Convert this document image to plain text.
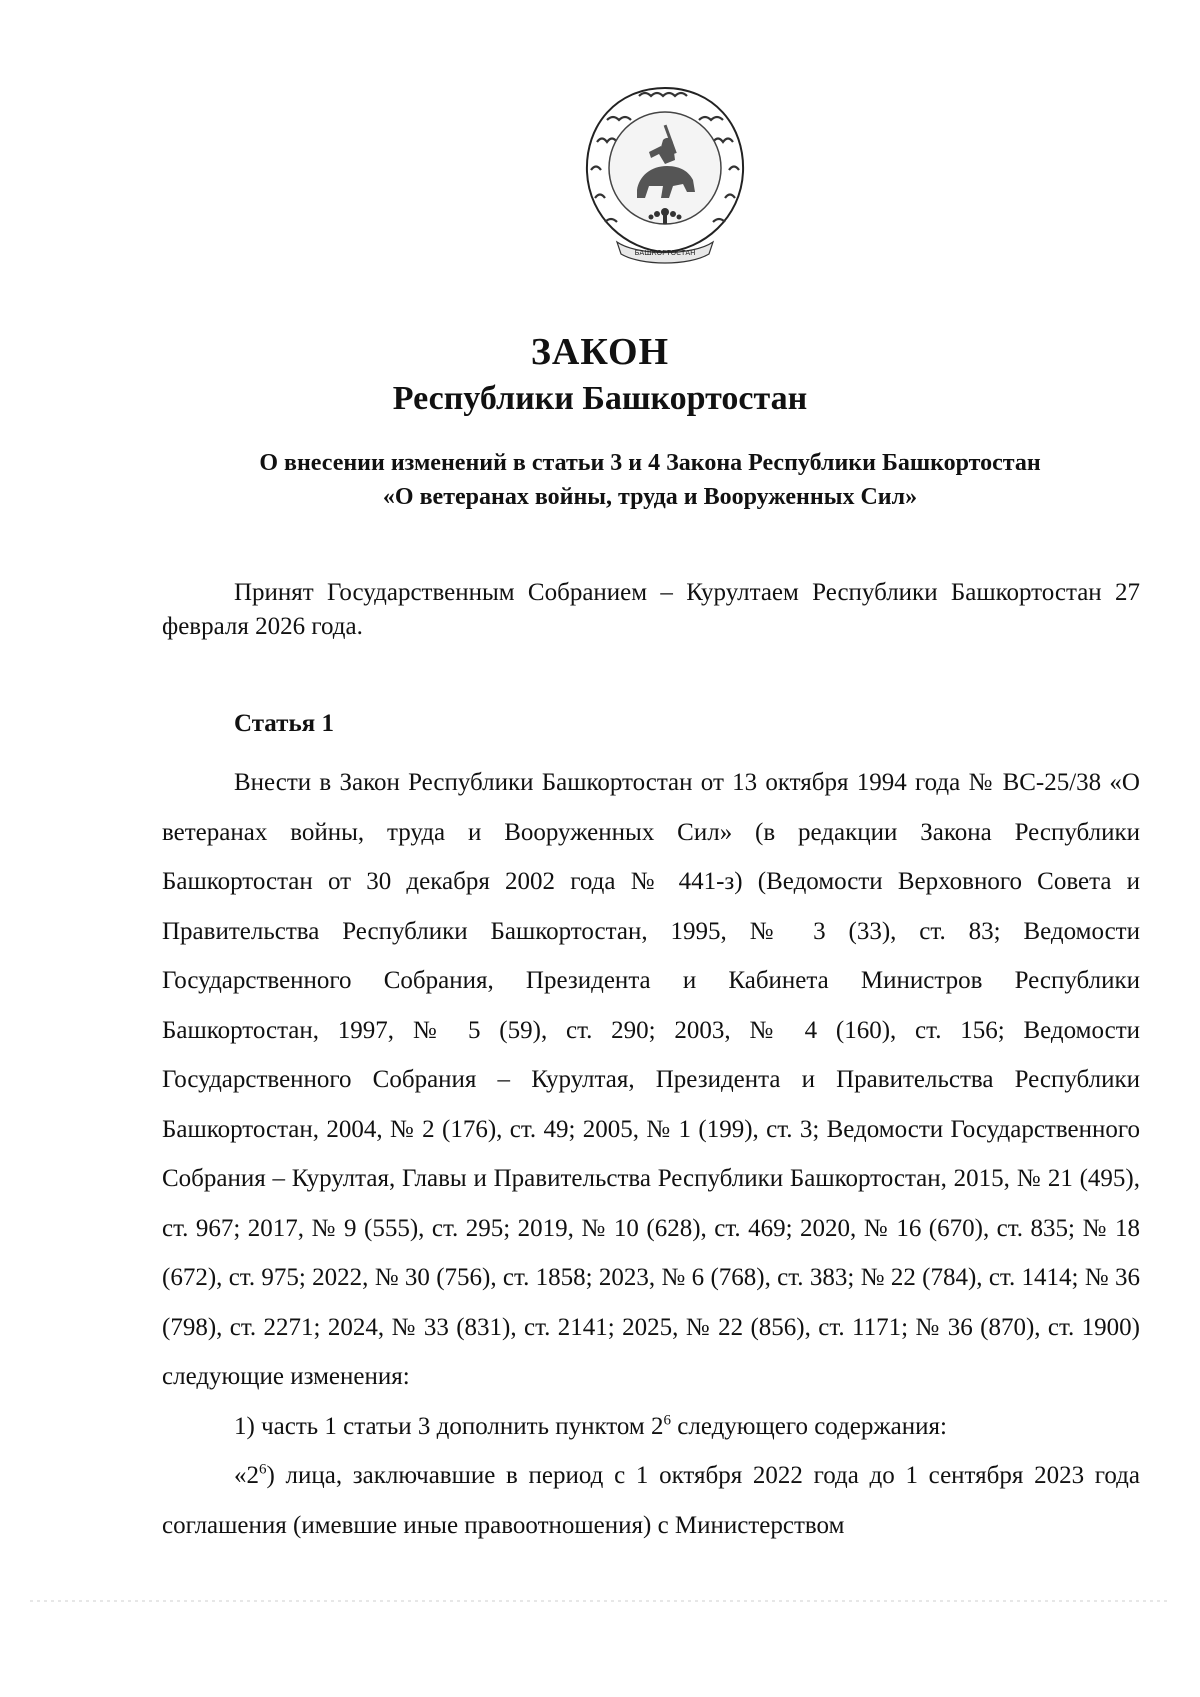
БАШКОРТОСТАН
ЗАКОН
Республики Башкортостан
О внесении изменений в статьи 3 и 4 Закона Республики Башкортостан
«О ветеранах войны, труда и Вооруженных Сил»

Принят Государственным Собранием – Курултаем Республики Башкортостан 27 февраля 2026 года.

Статья 1

Внести в Закон Республики Башкортостан от 13 октября 1994 года № ВС-25/38 «О ветеранах войны, труда и Вооруженных Сил» (в редакции Закона Республики Башкортостан от 30 декабря 2002 года № 441-з) (Ведомости Верховного Совета и Правительства Республики Башкортостан, 1995, № 3 (33), ст. 83; Ведомости Государственного Собрания, Президента и Кабинета Министров Республики Башкортостан, 1997, № 5 (59), ст. 290; 2003, № 4 (160), ст. 156; Ведомости Государственного Собрания – Курултая, Президента и Правительства Республики Башкортостан, 2004, № 2 (176), ст. 49; 2005, № 1 (199), ст. 3; Ведомости Государственного Собрания – Курултая, Главы и Правительства Республики Башкортостан, 2015, № 21 (495), ст. 967; 2017, № 9 (555), ст. 295; 2019, № 10 (628), ст. 469; 2020, № 16 (670), ст. 835; № 18 (672), ст. 975; 2022, № 30 (756), ст. 1858; 2023, № 6 (768), ст. 383; № 22 (784), ст. 1414; № 36 (798), ст. 2271; 2024, № 33 (831), ст. 2141; 2025, № 22 (856), ст. 1171; № 36 (870), ст. 1900) следующие изменения:

1) часть 1 статьи 3 дополнить пунктом $2^6$ следующего содержания:

«$2^6$) лица, заключавшие в период с 1 октября 2022 года до 1 сентября 2023 года соглашения (имевшие иные правоотношения) с Министерством
